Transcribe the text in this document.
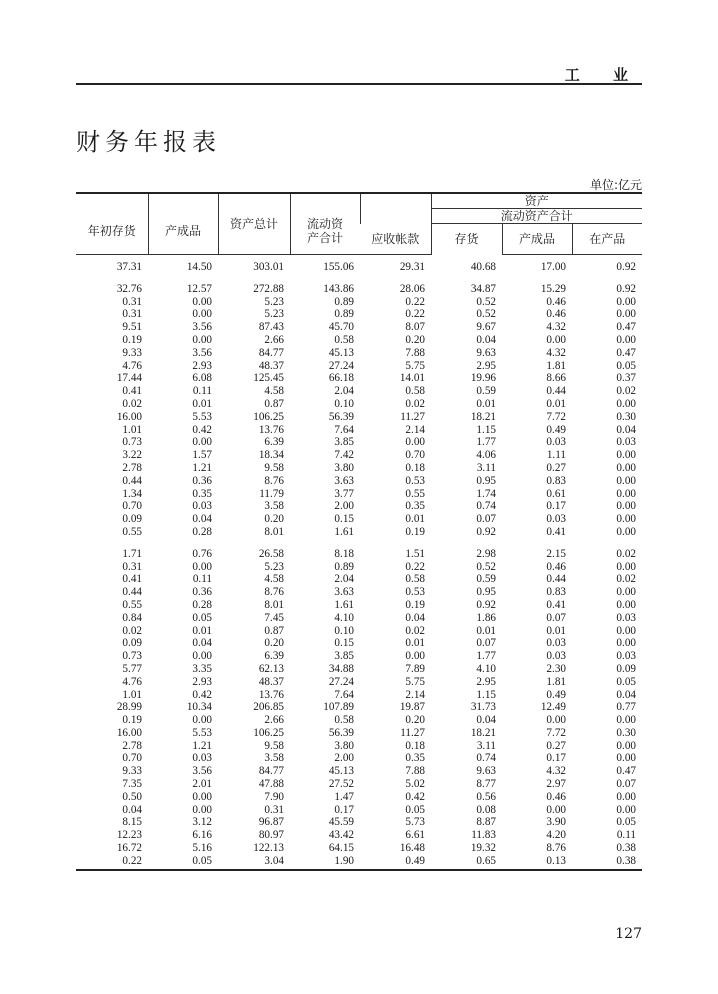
工 业
财务年报表
单位:亿元
		资产总计			资产		
年初存货	产成品		流动资
产合计		流动资产合计		
				应收帐款	存货	产成品	在产品
37.31	14.50	303.01	155.06	29.31	40.68	17.00	0.92
32.76	12.57	272.88	143.86	28.06	34.87	15.29	0.92
0.31	0.00	5.23	0.89	0.22	0.52	0.46	0.00
0.31	0.00	5.23	0.89	0.22	0.52	0.46	0.00
9.51	3.56	87.43	45.70	8.07	9.67	4.32	0.47
0.19	0.00	2.66	0.58	0.20	0.04	0.00	0.00
9.33	3.56	84.77	45.13	7.88	9.63	4.32	0.47
4.76	2.93	48.37	27.24	5.75	2.95	1.81	0.05
17.44	6.08	125.45	66.18	14.01	19.96	8.66	0.37
0.41	0.11	4.58	2.04	0.58	0.59	0.44	0.02
0.02	0.01	0.87	0.10	0.02	0.01	0.01	0.00
16.00	5.53	106.25	56.39	11.27	18.21	7.72	0.30
1.01	0.42	13.76	7.64	2.14	1.15	0.49	0.04
0.73	0.00	6.39	3.85	0.00	1.77	0.03	0.03
3.22	1.57	18.34	7.42	0.70	4.06	1.11	0.00
2.78	1.21	9.58	3.80	0.18	3.11	0.27	0.00
0.44	0.36	8.76	3.63	0.53	0.95	0.83	0.00
1.34	0.35	11.79	3.77	0.55	1.74	0.61	0.00
0.70	0.03	3.58	2.00	0.35	0.74	0.17	0.00
0.09	0.04	0.20	0.15	0.01	0.07	0.03	0.00
0.55	0.28	8.01	1.61	0.19	0.92	0.41	0.00
1.71	0.76	26.58	8.18	1.51	2.98	2.15	0.02
0.31	0.00	5.23	0.89	0.22	0.52	0.46	0.00
0.41	0.11	4.58	2.04	0.58	0.59	0.44	0.02
0.44	0.36	8.76	3.63	0.53	0.95	0.83	0.00
0.55	0.28	8.01	1.61	0.19	0.92	0.41	0.00
0.84	0.05	7.45	4.10	0.04	1.86	0.07	0.03
0.02	0.01	0.87	0.10	0.02	0.01	0.01	0.00
0.09	0.04	0.20	0.15	0.01	0.07	0.03	0.00
0.73	0.00	6.39	3.85	0.00	1.77	0.03	0.03
5.77	3.35	62.13	34.88	7.89	4.10	2.30	0.09
4.76	2.93	48.37	27.24	5.75	2.95	1.81	0.05
1.01	0.42	13.76	7.64	2.14	1.15	0.49	0.04
28.99	10.34	206.85	107.89	19.87	31.73	12.49	0.77
0.19	0.00	2.66	0.58	0.20	0.04	0.00	0.00
16.00	5.53	106.25	56.39	11.27	18.21	7.72	0.30
2.78	1.21	9.58	3.80	0.18	3.11	0.27	0.00
0.70	0.03	3.58	2.00	0.35	0.74	0.17	0.00
9.33	3.56	84.77	45.13	7.88	9.63	4.32	0.47
7.35	2.01	47.88	27.52	5.02	8.77	2.97	0.07
0.50	0.00	7.90	1.47	0.42	0.56	0.46	0.00
0.04	0.00	0.31	0.17	0.05	0.08	0.00	0.00
8.15	3.12	96.87	45.59	5.73	8.87	3.90	0.05
12.23	6.16	80.97	43.42	6.61	11.83	4.20	0.11
16.72	5.16	122.13	64.15	16.48	19.32	8.76	0.38
0.22	0.05	3.04	1.90	0.49	0.65	0.13	0.38
127
